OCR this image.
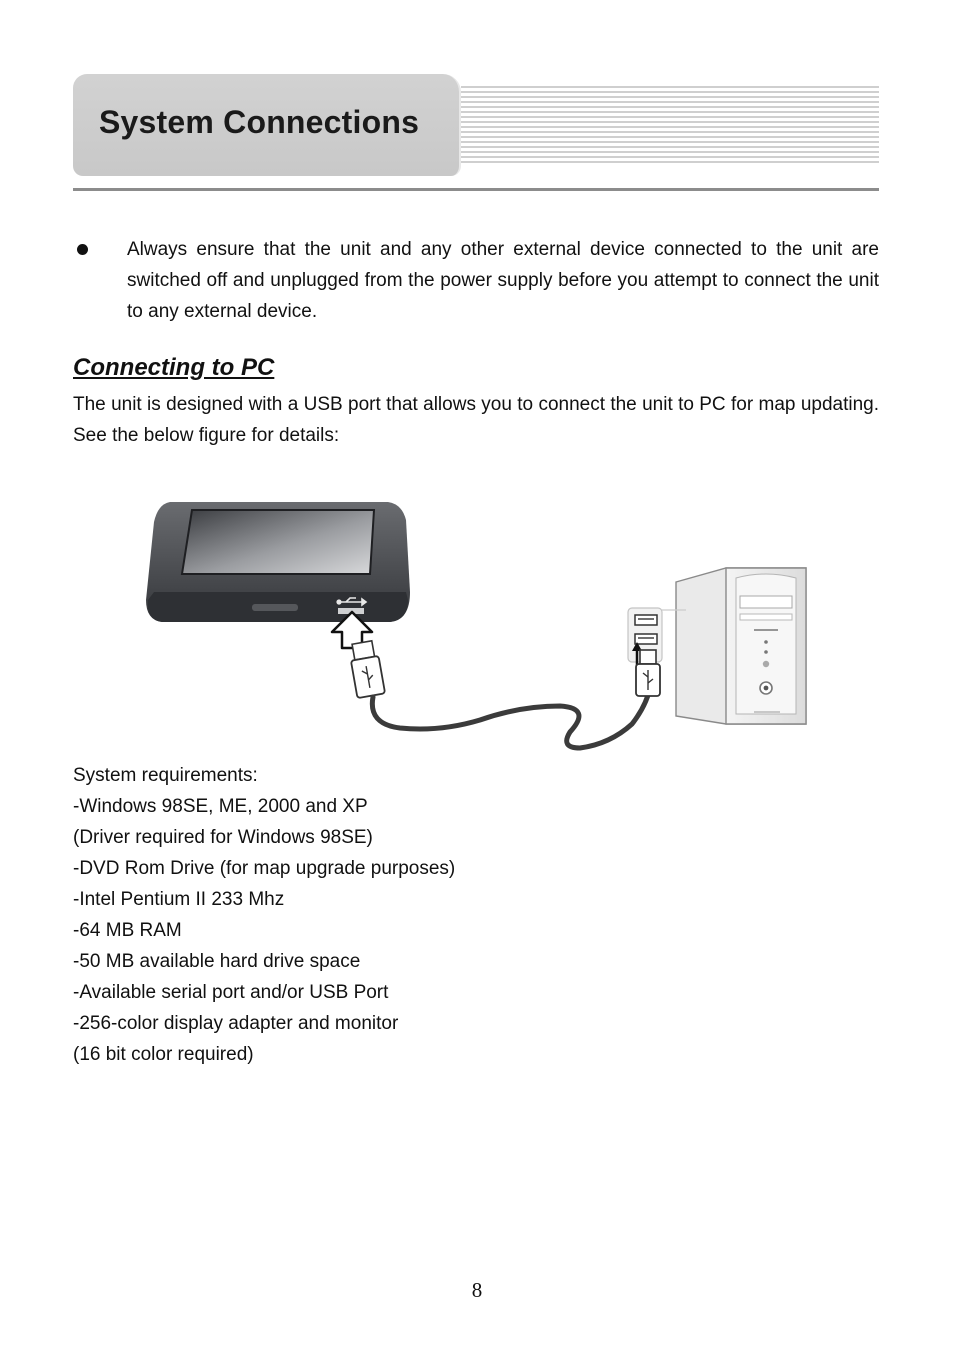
System Connections

Always ensure that the unit and any other external device connected to the unit are switched off and unplugged from the power supply before you attempt to connect the unit to any external device.

Connecting to PC

The unit is designed with a USB port that allows you to connect the unit to PC for map updating. See the below figure for details:

System requirements:

-Windows 98SE, ME, 2000 and XP

(Driver required for Windows 98SE)

-DVD Rom Drive (for map upgrade purposes)

-Intel Pentium II 233 Mhz

-64 MB RAM

-50 MB available hard drive space

-Available serial port and/or USB Port

-256-color display adapter and monitor

(16 bit color required)

8
